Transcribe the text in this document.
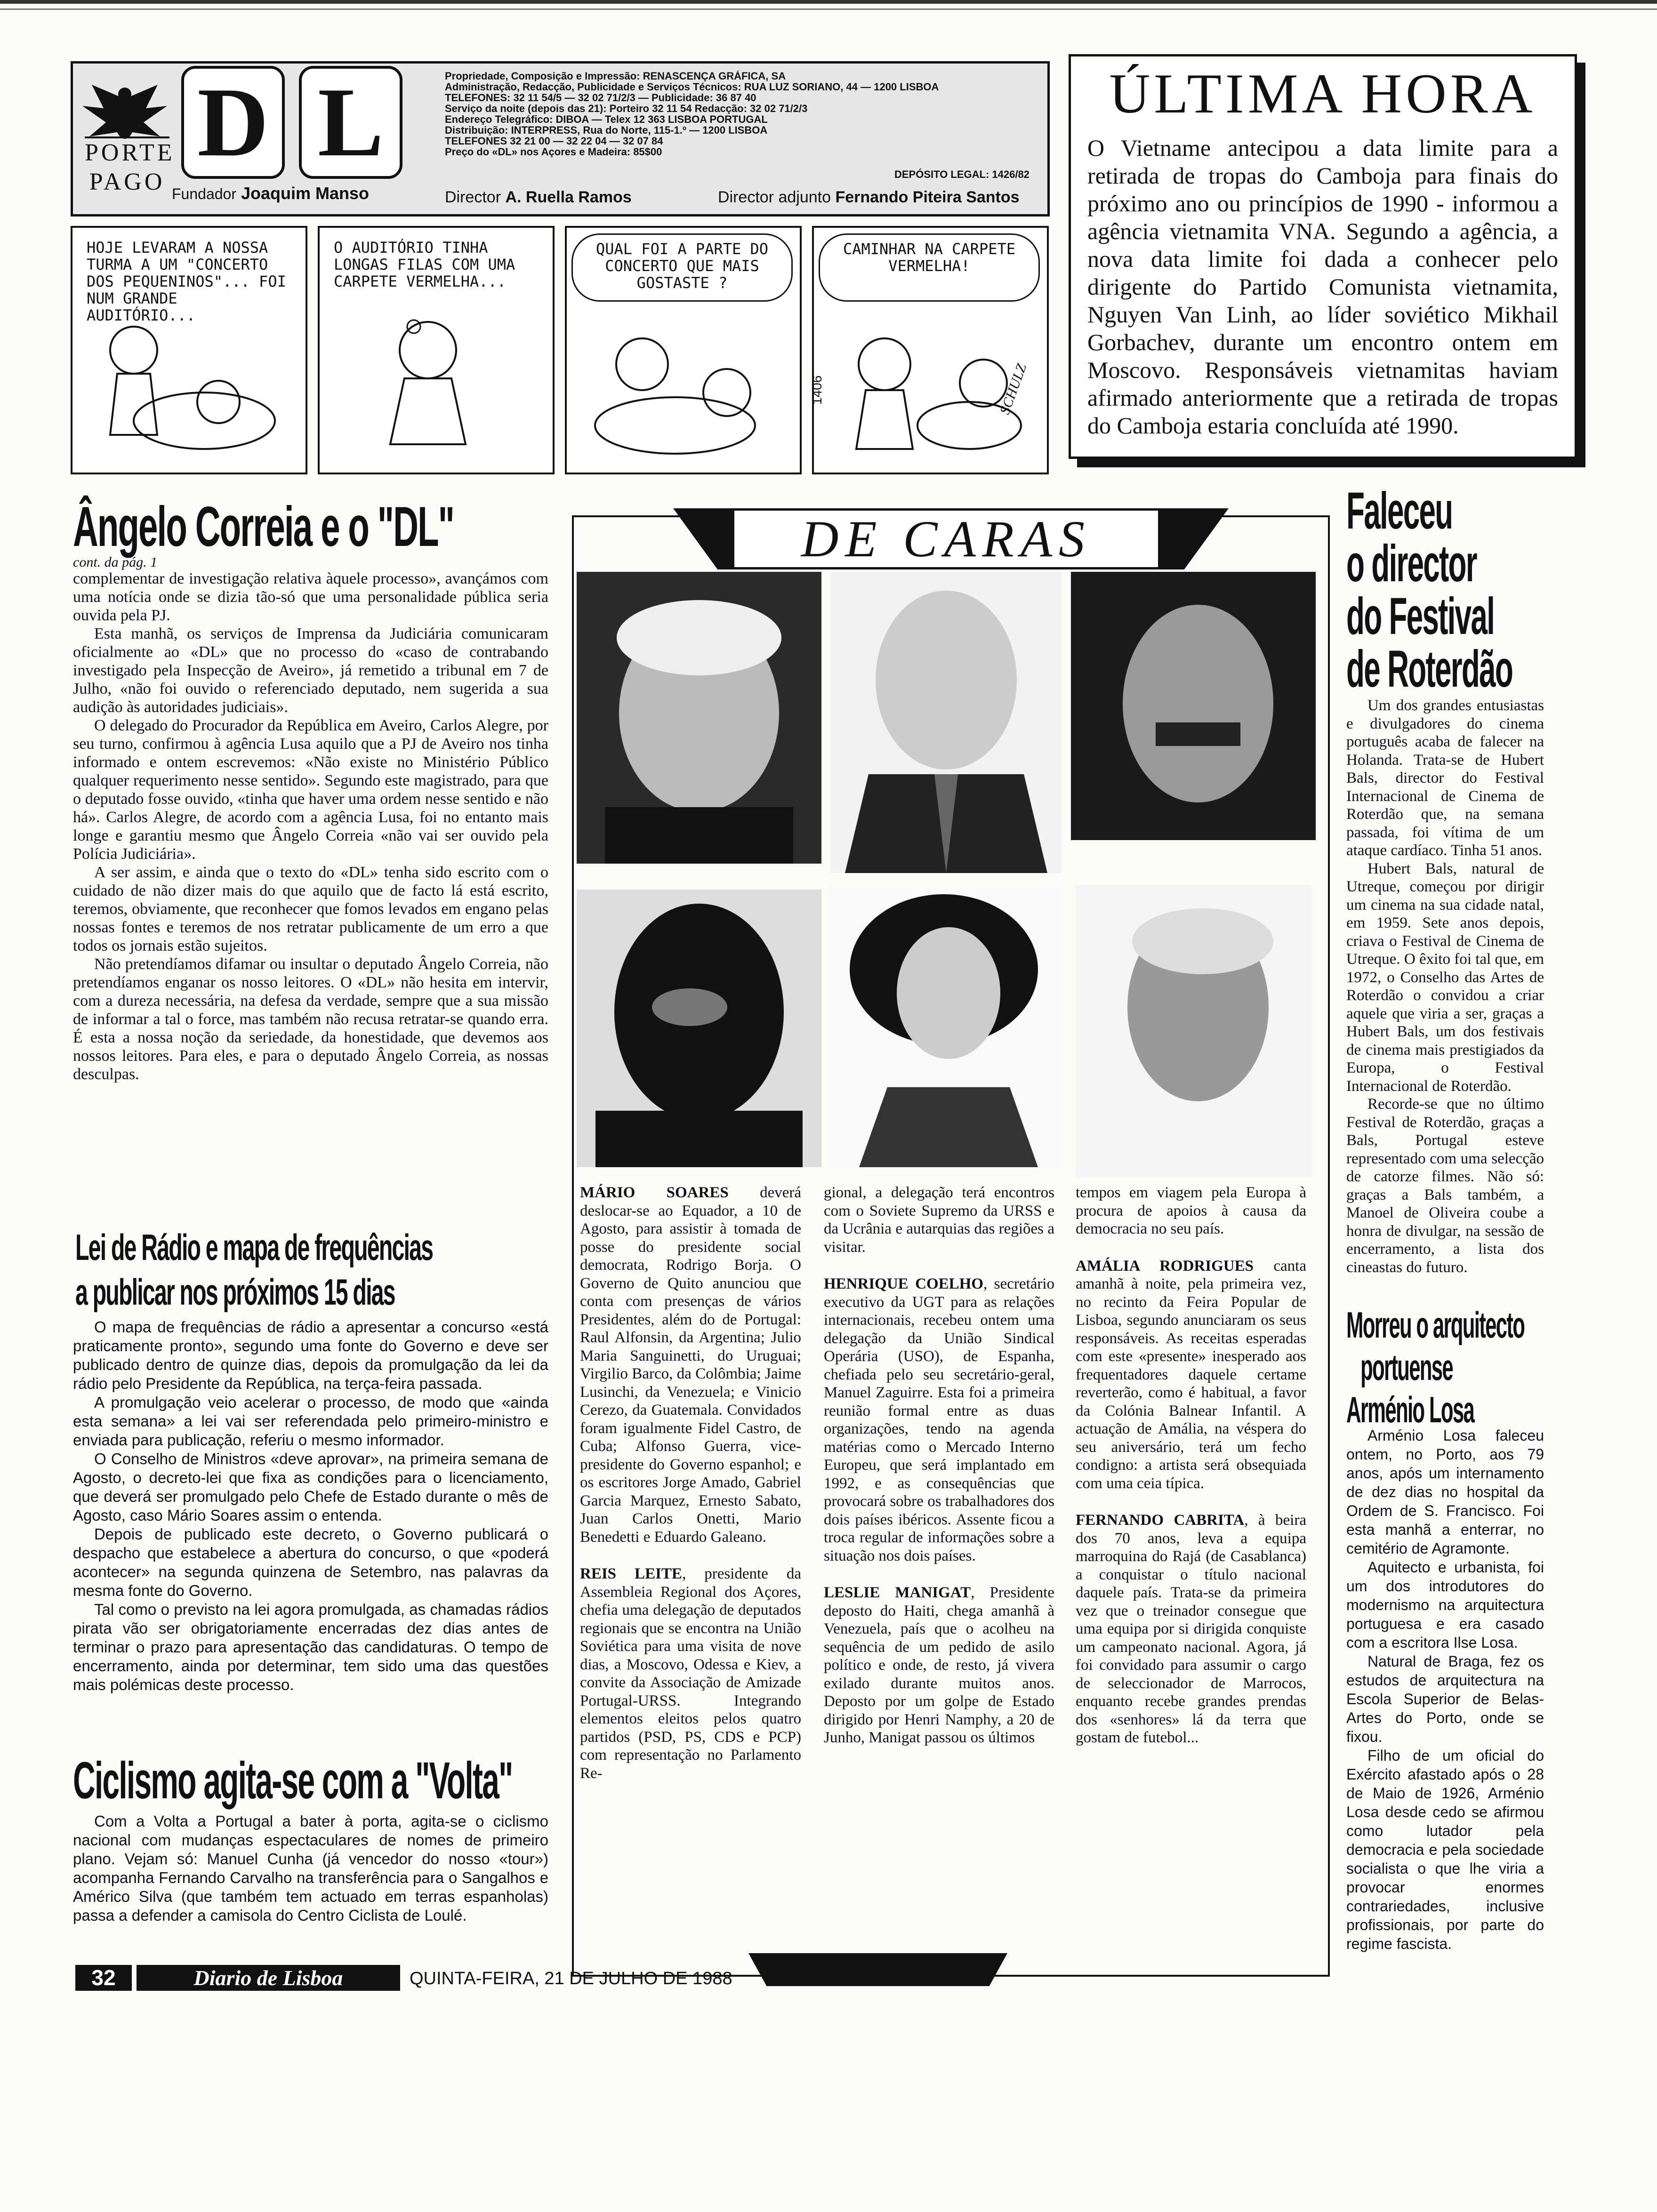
PORTE PAGO
D L	Propriedade, Composição e Impressão: RENASCENÇA GRÁFICA, SA
Administração, Redacção, Publicidade e Serviços Técnicos: RUA LUZ SORIANO, 44 — 1200 LISBOA
TELEFONES: 32 11 54/5 — 32 02 71/2/3 — Publicidade: 36 87 40
Serviço da noite (depois das 21): Porteiro 32 11 54 Redacção: 32 02 71/2/3
Endereço Telegráfico: DIBOA — Telex 12 363 LISBOA PORTUGAL
Distribuição: INTERPRESS, Rua do Norte, 115-1.º — 1200 LISBOA
TELEFONES 32 21 00 — 32 22 04 — 32 07 84
Preço do «DL» nos Açores e Madeira: 85$00
DEPÓSITO LEGAL: 1426/82
Fundador Joaquim Manso	Director A. Ruella Ramos	Director adjunto Fernando Piteira Santos
HOJE LEVARAM A NOSSA TURMA A UM "CONCERTO DOS PEQUENINOS"... FOI NUM GRANDE AUDITÓRIO...
O AUDITÓRIO TINHA LONGAS FILAS COM UMA CARPETE VERMELHA...
QUAL FOI A PARTE DO CONCERTO QUE MAIS GOSTASTE ?
CAMINHAR NA CARPETE VERMELHA!
SCHULZ
1406
ÚLTIMA HORA
O Vietname antecipou a data limite para a retirada de tropas do Camboja para finais do próximo ano ou princípios de 1990 - informou a agência vietnamita VNA. Segundo a agência, a nova data limite foi dada a conhecer pelo dirigente do Partido Comunista vietnamita, Nguyen Van Linh, ao líder soviético Mikhail Gorbachev, durante um encontro ontem em Moscovo. Responsáveis vietnamitas haviam afirmado anteriormente que a retirada de tropas do Camboja estaria concluída até 1990.
Ângelo Correia e o "DL"
cont. da pág. 1

complementar de investigação relativa àquele processo», avançámos com uma notícia onde se dizia tão-só que uma personalidade pública seria ouvida pela PJ.

Esta manhã, os serviços de Imprensa da Judiciária comunicaram oficialmente ao «DL» que no processo do «caso de contrabando investigado pela Inspecção de Aveiro», já remetido a tribunal em 7 de Julho, «não foi ouvido o referenciado deputado, nem sugerida a sua audição às autoridades judiciais».

O delegado do Procurador da República em Aveiro, Carlos Alegre, por seu turno, confirmou à agência Lusa aquilo que a PJ de Aveiro nos tinha informado e ontem escrevemos: «Não existe no Ministério Público qualquer requerimento nesse sentido». Segundo este magistrado, para que o deputado fosse ouvido, «tinha que haver uma ordem nesse sentido e não há». Carlos Alegre, de acordo com a agência Lusa, foi no entanto mais longe e garantiu mesmo que Ângelo Correia «não vai ser ouvido pela Polícia Judiciária».

A ser assim, e ainda que o texto do «DL» tenha sido escrito com o cuidado de não dizer mais do que aquilo que de facto lá está escrito, teremos, obviamente, que reconhecer que fomos levados em engano pelas nossas fontes e teremos de nos retratar publicamente de um erro a que todos os jornais estão sujeitos.

Não pretendíamos difamar ou insultar o deputado Ângelo Correia, não pretendíamos enganar os nosso leitores. O «DL» não hesita em intervir, com a dureza necessária, na defesa da verdade, sempre que a sua missão de informar a tal o force, mas também não recusa retratar-se quando erra. É esta a nossa noção da seriedade, da honestidade, que devemos aos nossos leitores. Para eles, e para o deputado Ângelo Correia, as nossas desculpas.

Lei de Rádio e mapa de frequências
a publicar nos próximos 15 dias

O mapa de frequências de rádio a apresentar a concurso «está praticamente pronto», segundo uma fonte do Governo e deve ser publicado dentro de quinze dias, depois da promulgação da lei da rádio pelo Presidente da República, na terça-feira passada.

A promulgação veio acelerar o processo, de modo que «ainda esta semana» a lei vai ser referendada pelo primeiro-ministro e enviada para publicação, referiu o mesmo informador.

O Conselho de Ministros «deve aprovar», na primeira semana de Agosto, o decreto-lei que fixa as condições para o licenciamento, que deverá ser promulgado pelo Chefe de Estado durante o mês de Agosto, caso Mário Soares assim o entenda.

Depois de publicado este decreto, o Governo publicará o despacho que estabelece a abertura do concurso, o que «poderá acontecer» na segunda quinzena de Setembro, nas palavras da mesma fonte do Governo.

Tal como o previsto na lei agora promulgada, as chamadas rádios pirata vão ser obrigatoriamente encerradas dez dias antes de terminar o prazo para apresentação das candidaturas. O tempo de encerramento, ainda por determinar, tem sido uma das questões mais polémicas deste processo.

Ciclismo agita-se com a "Volta"

Com a Volta a Portugal a bater à porta, agita-se o ciclismo nacional com mudanças espectaculares de nomes de primeiro plano. Vejam só: Manuel Cunha (já vencedor do nosso «tour») acompanha Fernando Carvalho na transferência para o Sangalhos e Américo Silva (que também tem actuado em terras espanholas) passa a defender a camisola do Centro Ciclista de Loulé.

DE CARAS

MÁRIO SOARES deverá deslocar-se ao Equador, a 10 de Agosto, para assistir à tomada de posse do presidente social democrata, Rodrigo Borja. O Governo de Quito anunciou que conta com presenças de vários Presidentes, além do de Portugal: Raul Alfonsin, da Argentina; Julio Maria Sanguinetti, do Uruguai; Virgilio Barco, da Colômbia; Jaime Lusinchi, da Venezuela; e Vinicio Cerezo, da Guatemala. Convidados foram igualmente Fidel Castro, de Cuba; Alfonso Guerra, vice-presidente do Governo espanhol; e os escritores Jorge Amado, Gabriel Garcia Marquez, Ernesto Sabato, Juan Carlos Onetti, Mario Benedetti e Eduardo Galeano.

REIS LEITE, presidente da Assembleia Regional dos Açores, chefia uma delegação de deputados regionais que se encontra na União Soviética para uma visita de nove dias, a Moscovo, Odessa e Kiev, a convite da Associação de Amizade Portugal-URSS. Integrando elementos eleitos pelos quatro partidos (PSD, PS, CDS e PCP) com representação no Parlamento Re-

gional, a delegação terá encontros com o Soviete Supremo da URSS e da Ucrânia e autarquias das regiões a visitar.

HENRIQUE COELHO, secretário executivo da UGT para as relações internacionais, recebeu ontem uma delegação da União Sindical Operária (USO), de Espanha, chefiada pelo seu secretário-geral, Manuel Zaguirre. Esta foi a primeira reunião formal entre as duas organizações, tendo na agenda matérias como o Mercado Interno Europeu, que será implantado em 1992, e as consequências que provocará sobre os trabalhadores dos dois países ibéricos. Assente ficou a troca regular de informações sobre a situação nos dois países.

LESLIE MANIGAT, Presidente deposto do Haiti, chega amanhã à Venezuela, país que o acolheu na sequência de um pedido de asilo político e onde, de resto, já vivera exilado durante muitos anos. Deposto por um golpe de Estado dirigido por Henri Namphy, a 20 de Junho, Manigat passou os últimos

tempos em viagem pela Europa à procura de apoios à causa da democracia no seu país.

AMÁLIA RODRIGUES canta amanhã à noite, pela primeira vez, no recinto da Feira Popular de Lisboa, segundo anunciaram os seus responsáveis. As receitas esperadas com este «presente» inesperado aos frequentadores daquele certame reverterão, como é habitual, a favor da Colónia Balnear Infantil. A actuação de Amália, na véspera do seu aniversário, terá um fecho condigno: a artista será obsequiada com uma ceia típica.

FERNANDO CABRITA, à beira dos 70 anos, leva a equipa marroquina do Rajá (de Casablanca) a conquistar o título nacional daquele país. Trata-se da primeira vez que o treinador consegue que uma equipa por si dirigida conquiste um campeonato nacional. Agora, já foi convidado para assumir o cargo de seleccionador de Marrocos, enquanto recebe grandes prendas dos «senhores» lá da terra que gostam de futebol...

Faleceu
o director
do Festival
de Roterdão

Um dos grandes entusiastas e divulgadores do cinema português acaba de falecer na Holanda. Trata-se de Hubert Bals, director do Festival Internacional de Cinema de Roterdão que, na semana passada, foi vítima de um ataque cardíaco. Tinha 51 anos.

Hubert Bals, natural de Utreque, começou por dirigir um cinema na sua cidade natal, em 1959. Sete anos depois, criava o Festival de Cinema de Utreque. O êxito foi tal que, em 1972, o Conselho das Artes de Roterdão o convidou a criar aquele que viria a ser, graças a Hubert Bals, um dos festivais de cinema mais prestigiados da Europa, o Festival Internacional de Roterdão.

Recorde-se que no último Festival de Roterdão, graças a Bals, Portugal esteve representado com uma selecção de catorze filmes. Não só: graças a Bals também, a Manoel de Oliveira coube a honra de divulgar, na sessão de encerramento, a lista dos cineastas do futuro.

Morreu o arquitecto
portuense
Arménio Losa

Arménio Losa faleceu ontem, no Porto, aos 79 anos, após um internamento de dez dias no hospital da Ordem de S. Francisco. Foi esta manhã a enterrar, no cemitério de Agramonte.

Aquitecto e urbanista, foi um dos introdutores do modernismo na arquitectura portuguesa e era casado com a escritora Ilse Losa.

Natural de Braga, fez os estudos de arquitectura na Escola Superior de Belas-Artes do Porto, onde se fixou.

Filho de um oficial do Exército afastado após o 28 de Maio de 1926, Arménio Losa desde cedo se afirmou como lutador pela democracia e pela sociedade socialista o que lhe viria a provocar enormes contrariedades, inclusive profissionais, por parte do regime fascista.

32	Diario de Lisboa	QUINTA-FEIRA, 21 DE JULHO DE 1988
